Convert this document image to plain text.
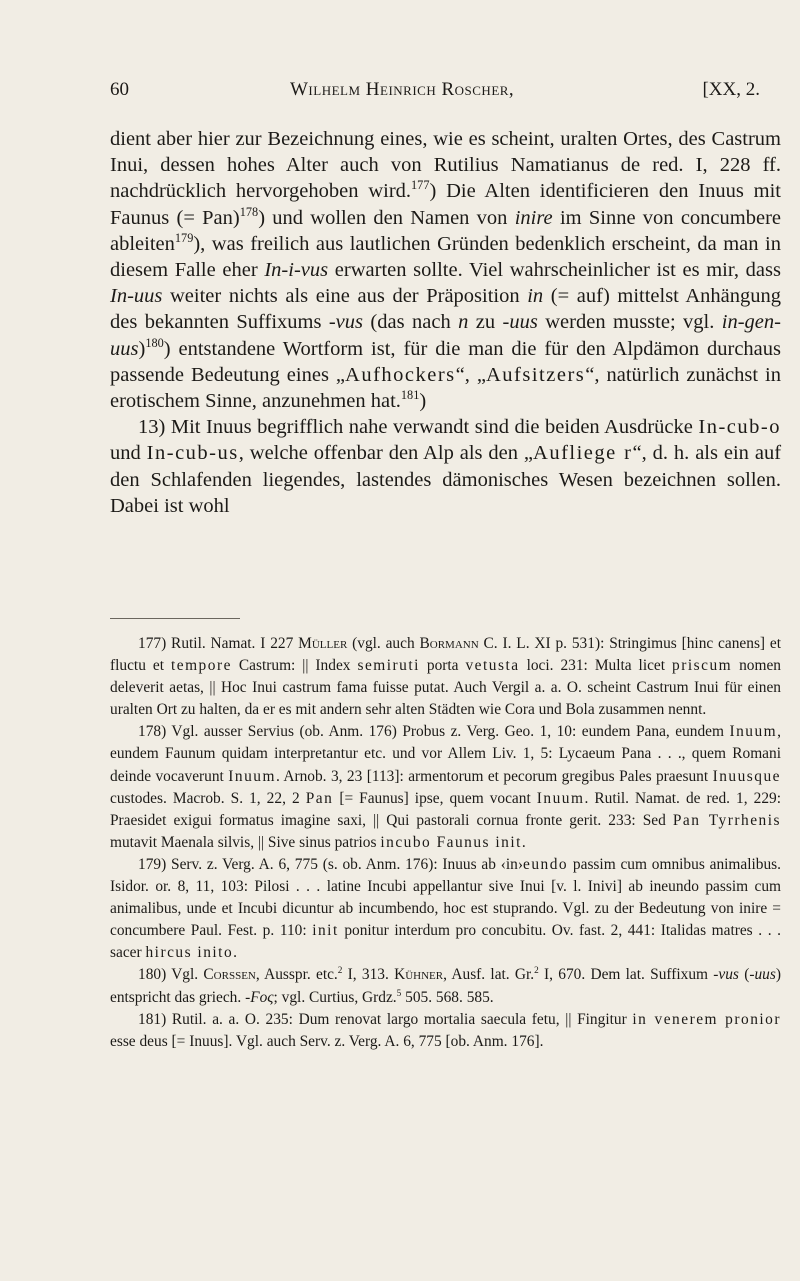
60	Wilhelm Heinrich Roscher,	[XX, 2.

dient aber hier zur Bezeichnung eines, wie es scheint, uralten Ortes, des Castrum Inui, dessen hohes Alter auch von Rutilius Namatianus de red. I, 228 ff. nachdrücklich hervorgehoben wird.$^{177}$) Die Alten identificieren den Inuus mit Faunus (= Pan)$^{178}$) und wollen den Namen von inire im Sinne von concumbere ableiten$^{179}$), was freilich aus lautlichen Gründen bedenklich erscheint, da man in diesem Falle eher In-i-vus erwarten sollte. Viel wahrscheinlicher ist es mir, dass In-uus weiter nichts als eine aus der Präposition in (= auf) mittelst Anhängung des bekannten Suffixums -vus (das nach n zu -uus werden musste; vgl. in-gen-uus)$^{180}$) entstandene Wortform ist, für die man die für den Alpdämon durchaus passende Bedeutung eines „Aufhockers“, „Aufsitzers“, natürlich zunächst in erotischem Sinne, anzunehmen hat.$^{181}$)

13) Mit Inuus begrifflich nahe verwandt sind die beiden Ausdrücke In-cub-o und In-cub-us, welche offenbar den Alp als den „Aufliege r“, d. h. als ein auf den Schlafenden liegendes, lastendes dämonisches Wesen bezeichnen sollen. Dabei ist wohl

177) Rutil. Namat. I 227 Müller (vgl. auch Bormann C. I. L. XI p. 531): Stringimus [hinc canens] et fluctu et tempore Castrum: || Index semiruti porta vetusta loci. 231: Multa licet priscum nomen deleverit aetas, || Hoc Inui castrum fama fuisse putat. Auch Vergil a. a. O. scheint Castrum Inui für einen uralten Ort zu halten, da er es mit andern sehr alten Städten wie Cora und Bola zusammen nennt.

178) Vgl. ausser Servius (ob. Anm. 176) Probus z. Verg. Geo. 1, 10: eundem Pana, eundem Inuum, eundem Faunum quidam interpretantur etc. und vor Allem Liv. 1, 5: Lycaeum Pana . . ., quem Romani deinde vocaverunt Inuum. Arnob. 3, 23 [113]: armentorum et pecorum gregibus Pales praesunt Inuusque custodes. Macrob. S. 1, 22, 2 Pan [= Faunus] ipse, quem vocant Inuum. Rutil. Namat. de red. 1, 229: Praesidet exigui formatus imagine saxi, || Qui pastorali cornua fronte gerit. 233: Sed Pan Tyrrhenis mutavit Maenala silvis, || Sive sinus patrios incubo Faunus init.

179) Serv. z. Verg. A. 6, 775 (s. ob. Anm. 176): Inuus ab ‹in›eundo passim cum omnibus animalibus. Isidor. or. 8, 11, 103: Pilosi . . . latine Incubi appellantur sive Inui [v. l. Inivi] ab ineundo passim cum animalibus, unde et Incubi dicuntur ab incumbendo, hoc est stuprando. Vgl. zu der Bedeutung von inire = concumbere Paul. Fest. p. 110: init ponitur interdum pro concubitu. Ov. fast. 2, 441: Italidas matres . . . sacer hircus inito.

180) Vgl. Corssen, Ausspr. etc.$^2$ I, 313. Kühner, Ausf. lat. Gr.$^2$ I, 670. Dem lat. Suffixum -vus (-uus) entspricht das griech. -Ϝος; vgl. Curtius, Grdz.$^5$ 505. 568. 585.

181) Rutil. a. a. O. 235: Dum renovat largo mortalia saecula fetu, || Fingitur in venerem pronior esse deus [= Inuus]. Vgl. auch Serv. z. Verg. A. 6, 775 [ob. Anm. 176].
